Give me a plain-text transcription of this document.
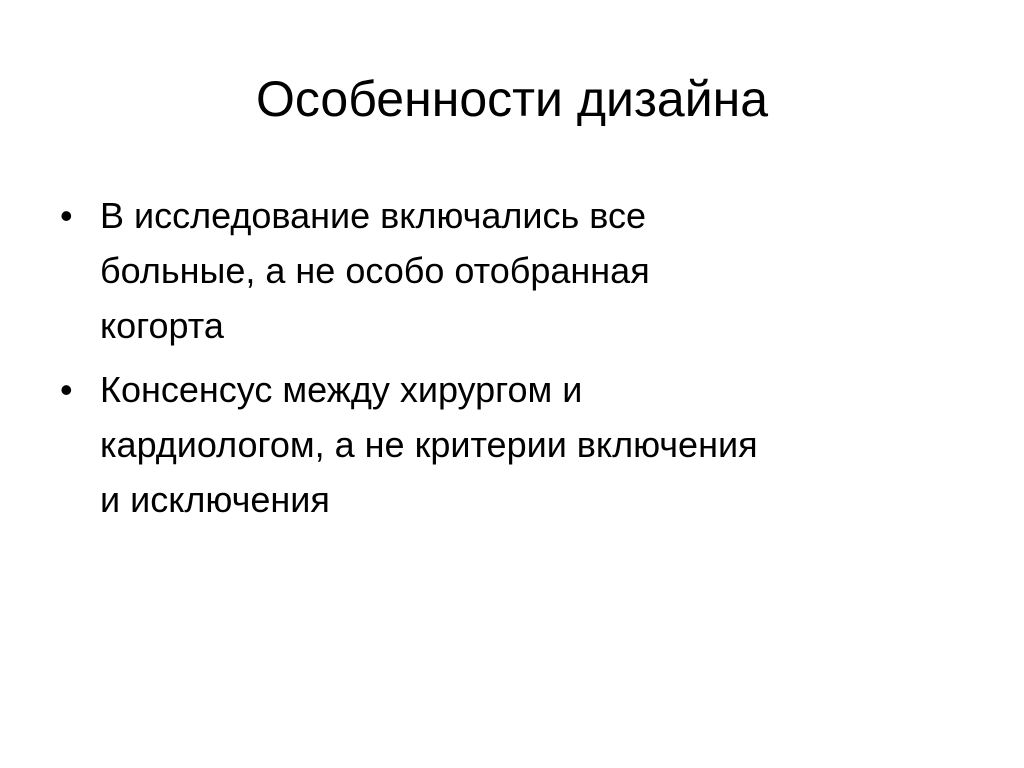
Особенности дизайна
• В исследование включались все
больные, а не особо отобранная
когорта
• Консенсус между хирургом и
кардиологом, а не критерии включения
и исключения
